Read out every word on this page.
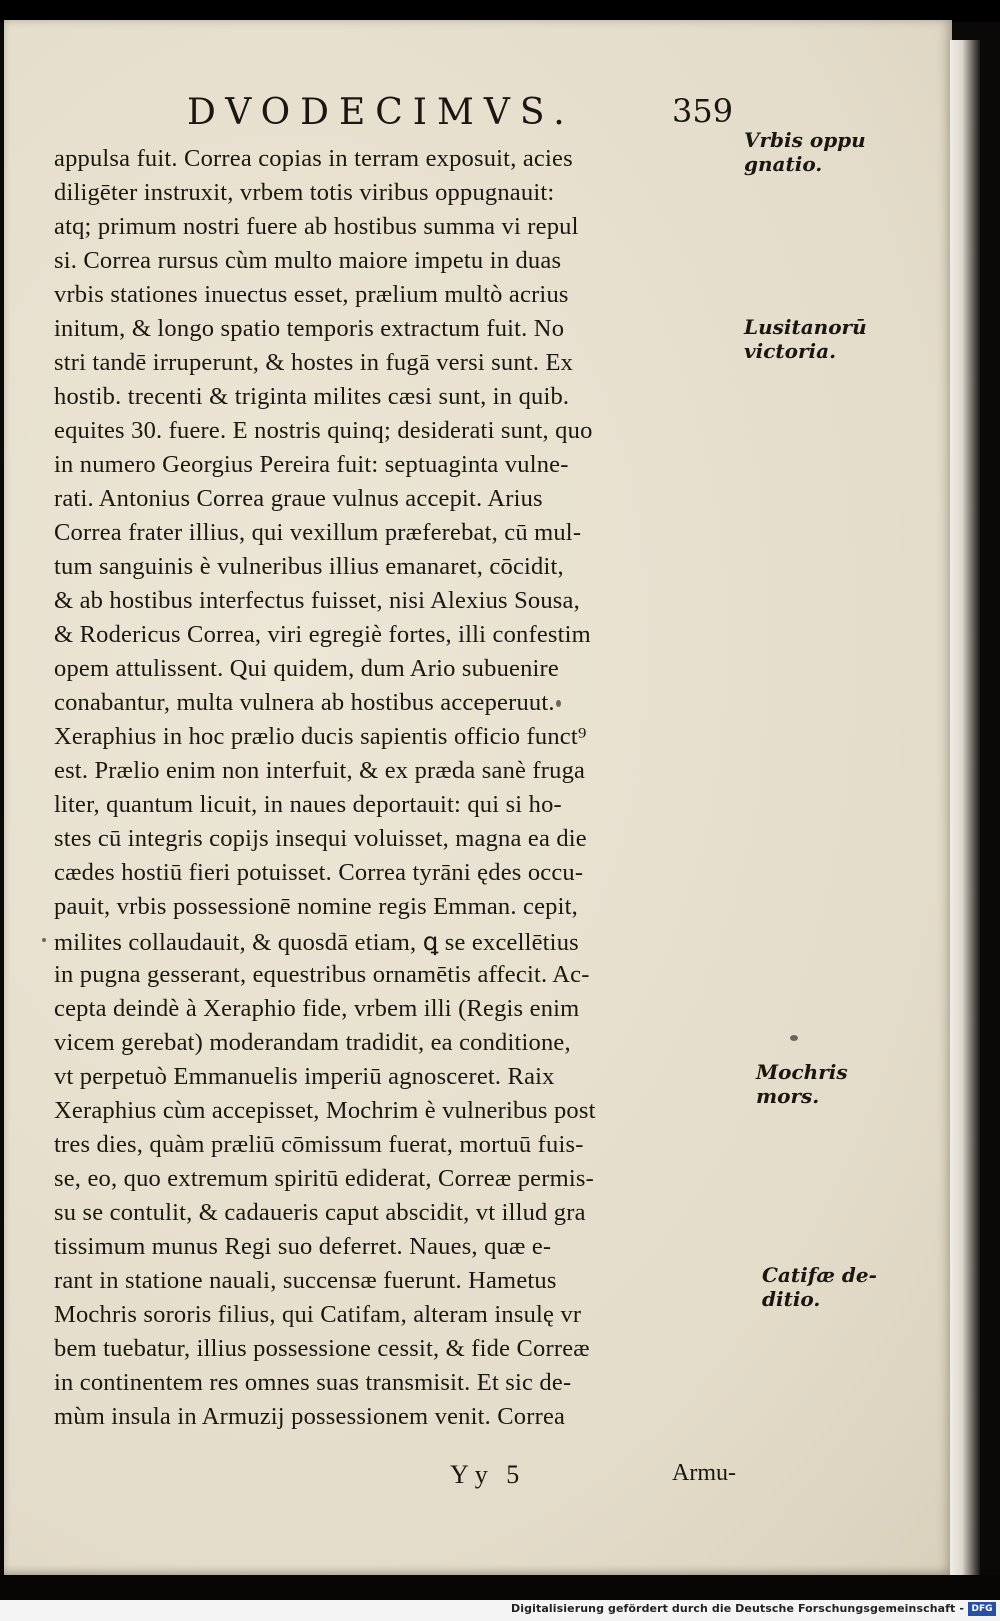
DVODECIMVS.	359
appulsa fuit. Correa copias in terram exposuit, acies
diligēter instruxit, vrbem totis viribus oppugnauit:
atq; primum nostri fuere ab hostibus summa vi repul
si. Correa rursus cùm multo maiore impetu in duas
vrbis stationes inuectus esset, prælium multò acrius
initum, & longo spatio temporis extractum fuit. No
stri tandē irruperunt, & hostes in fugā versi sunt. Ex
hostib. trecenti & triginta milites cæsi sunt, in quib.
equites 30. fuere. E nostris quinq; desiderati sunt, quo
in numero Georgius Pereira fuit: septuaginta vulne-
rati. Antonius Correa graue vulnus accepit. Arius
Correa frater illius, qui vexillum præferebat, cū mul-
tum sanguinis è vulneribus illius emanaret, cōcidit,
& ab hostibus interfectus fuisset, nisi Alexius Sousa,
& Rodericus Correa, viri egregiè fortes, illi confestim
opem attulissent. Qui quidem, dum Ario subuenire
conabantur, multa vulnera ab hostibus acceperuut.
Xeraphius in hoc prælio ducis sapientis officio funct⁹
est. Prælio enim non interfuit, & ex præda sanè fruga
liter, quantum licuit, in naues deportauit: qui si ho-
stes cū integris copijs insequi voluisset, magna ea die
cædes hostiū fieri potuisset. Correa tyrāni ędes occu-
pauit, vrbis possessionē nomine regis Emman. cepit,
milites collaudauit, & quosdā etiam, ꝗ se excellētius
in pugna gesserant, equestribus ornamētis affecit. Ac-
cepta deindè à Xeraphio fide, vrbem illi (Regis enim
vicem gerebat) moderandam tradidit, ea conditione,
vt perpetuò Emmanuelis imperiū agnosceret. Raix
Xeraphius cùm accepisset, Mochrim è vulneribus post
tres dies, quàm præliū cōmissum fuerat, mortuū fuis-
se, eo, quo extremum spiritū ediderat, Correæ permis-
su se contulit, & cadaueris caput abscidit, vt illud gra
tissimum munus Regi suo deferret. Naues, quæ e-
rant in statione nauali, succensæ fuerunt. Hametus
Mochris sororis filius, qui Catifam, alteram insulę vr
bem tuebatur, illius possessione cessit, & fide Correæ
in continentem res omnes suas transmisit. Et sic de-
mùm insula in Armuzij possessionem venit. Correa
Vrbis oppu
gnatio.
Lusitanorū
victoria.
Mochris
mors.
Catifæ de-
ditio.
Yy 5	Armu-
Digitalisierung gefördert durch die Deutsche Forschungsgemeinschaft - DFG
